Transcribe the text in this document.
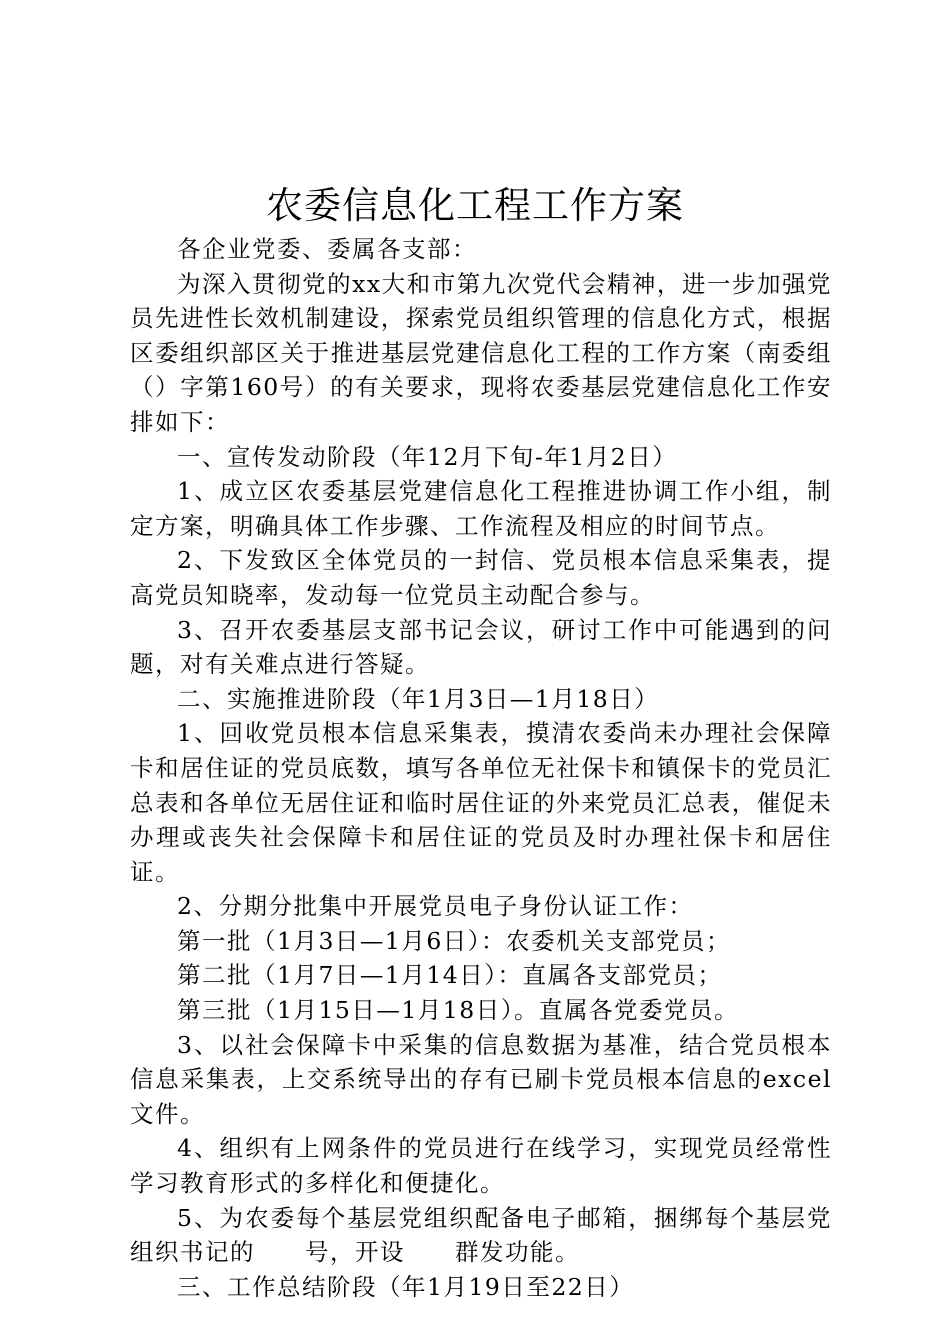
农委信息化工程工作方案

各企业党委、委属各支部：

为深入贯彻党的xx大和市第九次党代会精神，进一步加强党员先进性长效机制建设，探索党员组织管理的信息化方式，根据区委组织部区关于推进基层党建信息化工程的工作方案（南委组（）字第160号）的有关要求，现将农委基层党建信息化工作安排如下：

一、宣传发动阶段（年12月下旬-年1月2日）

1、成立区农委基层党建信息化工程推进协调工作小组，制定方案，明确具体工作步骤、工作流程及相应的时间节点。

2、下发致区全体党员的一封信、党员根本信息采集表，提高党员知晓率，发动每一位党员主动配合参与。

3、召开农委基层支部书记会议，研讨工作中可能遇到的问题，对有关难点进行答疑。

二、实施推进阶段（年1月3日—1月18日）

1、回收党员根本信息采集表，摸清农委尚未办理社会保障卡和居住证的党员底数，填写各单位无社保卡和镇保卡的党员汇总表和各单位无居住证和临时居住证的外来党员汇总表，催促未办理或丧失社会保障卡和居住证的党员及时办理社保卡和居住证。

2、分期分批集中开展党员电子身份认证工作：

第一批（1月3日—1月6日）：农委机关支部党员；

第二批（1月7日—1月14日）：直属各支部党员；

第三批（1月15日—1月18日）。直属各党委党员。

3、以社会保障卡中采集的信息数据为基准，结合党员根本信息采集表，上交系统导出的存有已刷卡党员根本信息的excel文件。

4、组织有上网条件的党员进行在线学习，实现党员经常性学习教育形式的多样化和便捷化。

5、为农委每个基层党组织配备电子邮箱，捆绑每个基层党组织书记的　　号，开设　　群发功能。

三、工作总结阶段（年1月19日至22日）
